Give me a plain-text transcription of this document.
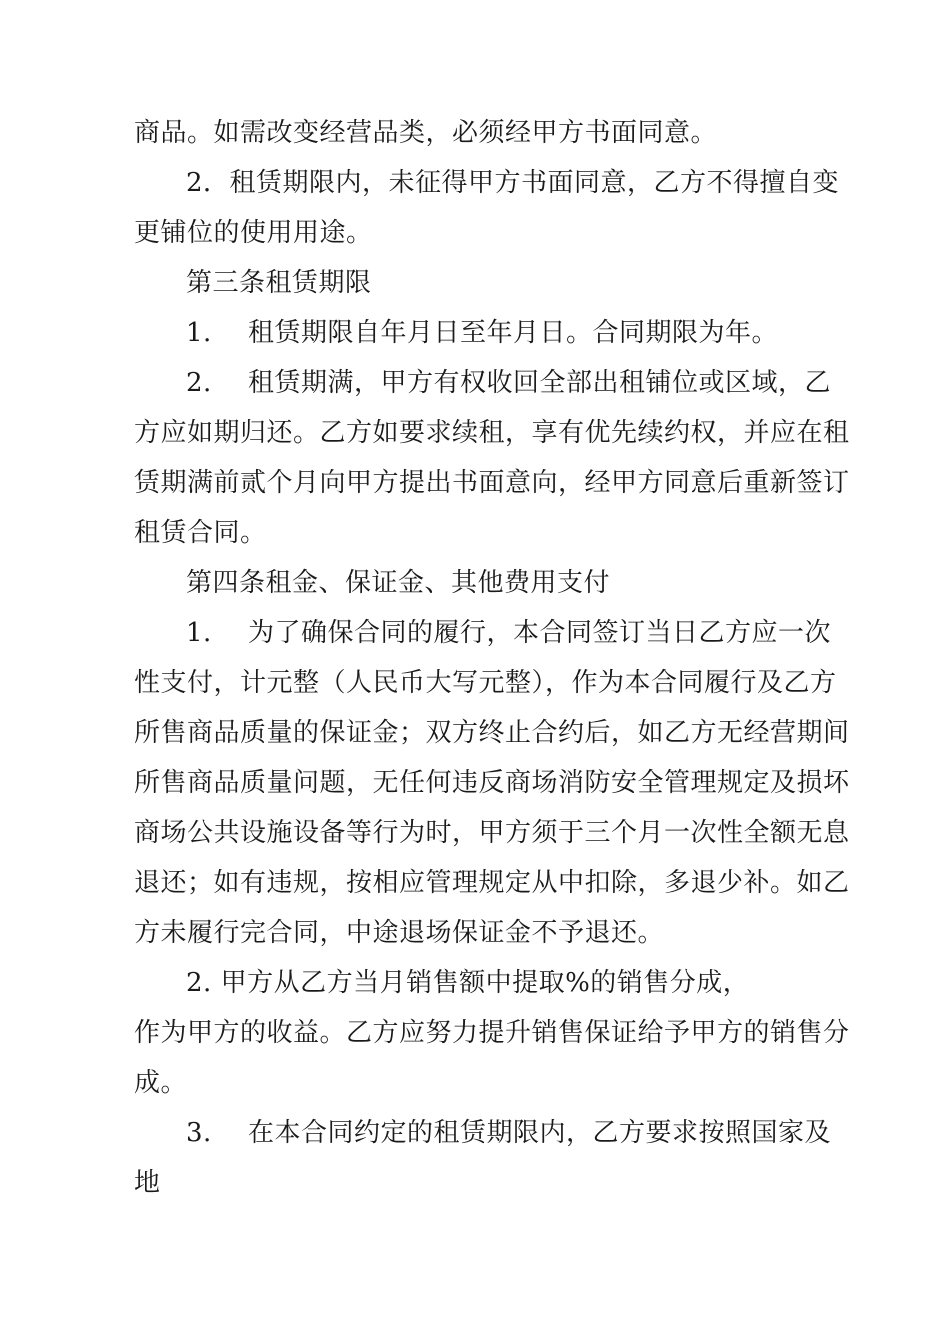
商品。如需改变经营品类，必须经甲方书面同意。
2．租赁期限内，未征得甲方书面同意，乙方不得擅自变
更铺位的使用用途。
第三条租赁期限
1. 租赁期限自年月日至年月日。合同期限为年。
2. 租赁期满，甲方有权收回全部出租铺位或区域，乙
方应如期归还。乙方如要求续租，享有优先续约权，并应在租
赁期满前贰个月向甲方提出书面意向，经甲方同意后重新签订
租赁合同。
第四条租金、保证金、其他费用支付
1. 为了确保合同的履行，本合同签订当日乙方应一次
性支付，计元整（人民币大写元整），作为本合同履行及乙方
所售商品质量的保证金；双方终止合约后，如乙方无经营期间
所售商品质量问题，无任何违反商场消防安全管理规定及损坏
商场公共设施设备等行为时，甲方须于三个月一次性全额无息
退还；如有违规，按相应管理规定从中扣除，多退少补。如乙
方未履行完合同，中途退场保证金不予退还。
2. 甲方从乙方当月销售额中提取%的销售分成，
作为甲方的收益。乙方应努力提升销售保证给予甲方的销售分
成。
3. 在本合同约定的租赁期限内，乙方要求按照国家及
地
